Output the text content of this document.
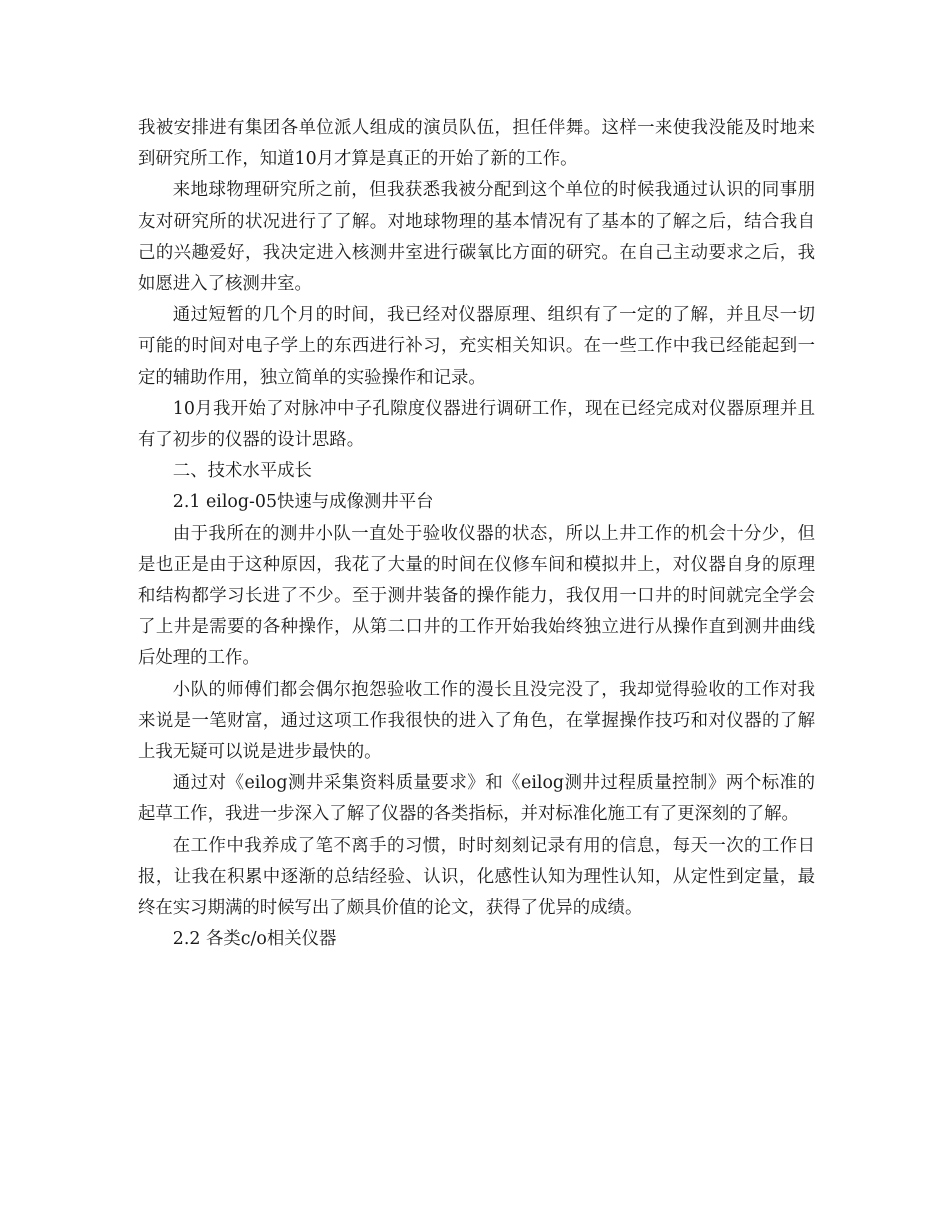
我被安排进有集团各单位派人组成的演员队伍，担任伴舞。这样一来使我没能及时地来到研究所工作，知道10月才算是真正的开始了新的工作。

来地球物理研究所之前，但我获悉我被分配到这个单位的时候我通过认识的同事朋友对研究所的状况进行了了解。对地球物理的基本情况有了基本的了解之后，结合我自己的兴趣爱好，我决定进入核测井室进行碳氧比方面的研究。在自己主动要求之后，我如愿进入了核测井室。

通过短暂的几个月的时间，我已经对仪器原理、组织有了一定的了解，并且尽一切可能的时间对电子学上的东西进行补习，充实相关知识。在一些工作中我已经能起到一定的辅助作用，独立简单的实验操作和记录。

10月我开始了对脉冲中子孔隙度仪器进行调研工作，现在已经完成对仪器原理并且有了初步的仪器的设计思路。

二、技术水平成长

2.1 eilog-05快速与成像测井平台

由于我所在的测井小队一直处于验收仪器的状态，所以上井工作的机会十分少，但是也正是由于这种原因，我花了大量的时间在仪修车间和模拟井上，对仪器自身的原理和结构都学习长进了不少。至于测井装备的操作能力，我仅用一口井的时间就完全学会了上井是需要的各种操作，从第二口井的工作开始我始终独立进行从操作直到测井曲线后处理的工作。

小队的师傅们都会偶尔抱怨验收工作的漫长且没完没了，我却觉得验收的工作对我来说是一笔财富，通过这项工作我很快的进入了角色，在掌握操作技巧和对仪器的了解上我无疑可以说是进步最快的。

通过对《eilog测井采集资料质量要求》和《eilog测井过程质量控制》两个标准的起草工作，我进一步深入了解了仪器的各类指标，并对标准化施工有了更深刻的了解。

在工作中我养成了笔不离手的习惯，时时刻刻记录有用的信息，每天一次的工作日报，让我在积累中逐渐的总结经验、认识，化感性认知为理性认知，从定性到定量，最终在实习期满的时候写出了颇具价值的论文，获得了优异的成绩。

2.2 各类c/o相关仪器
